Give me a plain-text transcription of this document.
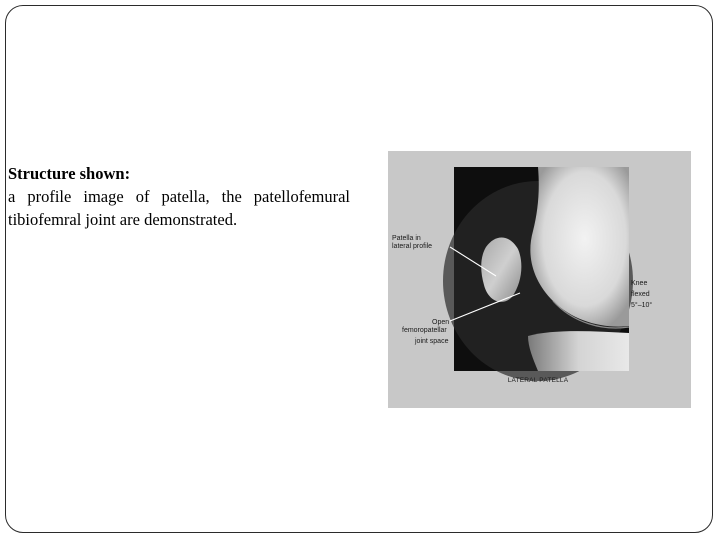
Structure shown:
a profile image of patella, the patellofemural tibiofemral joint are demonstrated.
Patella in
lateral profile
Open
femoropatellar
joint space
Knee
flexed
5°–10°
LATERAL PATELLA
